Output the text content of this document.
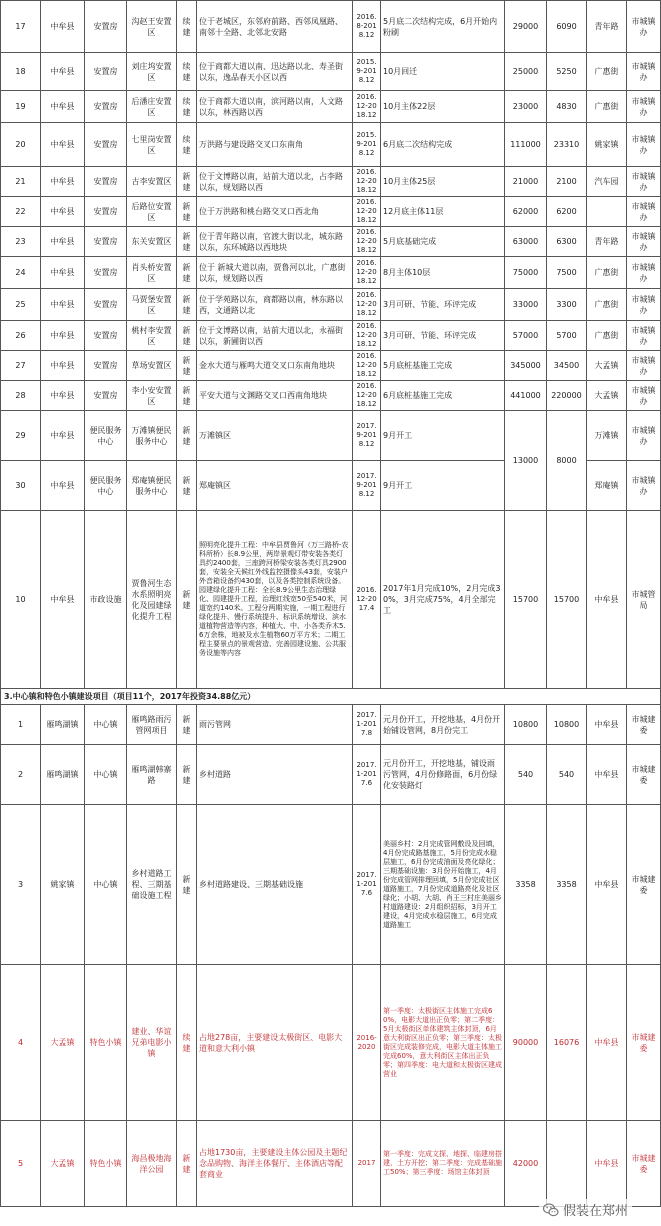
17	中牟县	安置房	沟赵王安置区	续建	位于老城区，东邻府前路、西邻凤凰路、南邻十全路、北邻北安路	2016.8-2018.12	5月底二次结构完成，6月开始内粉刷	29000	6090	青年路	市城镇办
18	中牟县	安置房	刘庄坞安置区	续建	位于商都大道以南、迅达路以北、寿圣街以东，逸品春天小区以西	2015.9-2018.12	10月回迁	25000	5250	广惠街	市城镇办
19	中牟县	安置房	后潘庄安置区	续建	位于商都大道以南，滨河路以南，人文路以东，林西路以西	2016.12-2018.12	10月主体22层	23000	4830	广惠街	市城镇办
20	中牟县	安置房	七里岗安置区	续建	万洪路与建设路交叉口东南角	2015.9-2018.12	6月底二次结构完成	111000	23310	姚家镇	市城镇办
21	中牟县	安置房	古李安置区	新建	位于文博路以南，站前大道以北，占李路以东，规划路以西	2016.12-2018.12	10月主体25层	21000	2100	汽车园	市城镇办
22	中牟县	安置房	后路位安置区	新建	位于万洪路和桃台路交叉口西北角	2016.12-2018.12	12月底主体11层	62000	6200		市城镇办
23	中牟县	安置房	东关安置区	新建	位于青年路以南，官渡大街以北，城东路以东，东环城路以西地块	2016.12-2018.12	5月底基础完成	63000	6300	青年路	市城镇办
24	中牟县	安置房	肖头桥安置区	新建	位于 新城大道以南，贾鲁河以北，广惠街以东，规划路以西	2016.12-2018.12	8月主体10层	75000	7500	广惠街	市城镇办
25	中牟县	安置房	马贾堡安置区	新建	位于学苑路以东，商都路以南，林东路以西，文通路以北	2016.12-2018.12	3月可研、节能、环评完成	33000	3300	广惠街	市城镇办
26	中牟县	安置房	桃村李安置区	新建	位于文博路以南，站前大道以北，永福街以东，新圃街以西	2016.12-2018.12	3月可研、节能、环评完成	57000	5700	广惠街	市城镇办
27	中牟县	安置房	草场安置区	新建	金水大道与雁鸣大道交叉口东南角地块	2016.12-2018.12	5月底桩基施工完成	345000	34500	大孟镇	市城镇办
28	中牟县	安置房	李小安安置区	新建	平安大道与文渊路交叉口西南角地块	2016.12-2018.12	6月底桩基施工完成	441000	220000	大孟镇	市城镇办
29	中牟县	便民服务中心	万滩镇便民服务中心	新建	万滩镇区	2017.9-2018.12	9月开工	13000	8000	万滩镇	市城镇办
30	中牟县	便民服务中心	郑庵镇便民服务中心	新建	郑庵镇区	2017.9-2018.12	9月开工			郑庵镇	市城镇办
10	中牟县	市政设施	贾鲁河生态水系照明亮化及园建绿化提升工程	新建	照明亮化提升工程：中牟县贾鲁河（万三路桥-农科所桥）长8.9公里，两岸景观灯带安装各类灯具约2400套，三座跨河桥梁安装各类灯具2900套，安装全天候红外线监控摄像头43套，安装户外音箱设备约430套，以及各类控制系统设备。园建绿化提升工程：全长8.9公里生态治理绿化、园建提升工程，治理红线宽50至540米，河道宽约140米。工程分两期实施，一期工程进行绿化提升、慢行系统提升、标识系统增设、滨水道植物营造等内容，种植大、中、小各类乔木5.6万余株，地被及水生植物60万平方米；二期工程主要景点的景观营造、完善园建设施、公共服务设施等内容	2016.12-2017.4	2017年1月完成10%，2月完成30%，3月完成75%，4月全部完工	15700	15700	中牟县	市城管局
3.中心镇和特色小镇建设项目（项目11个，2017年投资34.88亿元）											
1	雁鸣湖镇	中心镇	雁鸣路雨污管网项目	新建	雨污管网	2017.1-2017.8	元月份开工，开挖地基，4月份开始铺设管网，8月份完工	10800	10800	中牟县	市城建委
2	雁鸣湖镇	中心镇	雁鸣湖韩寨路	新建	乡村道路	2017.1-2017.6	元月份开工，开挖地基，铺设雨污管网，4月份修路面，6月份绿化安装路灯	540	540	中牟县	市城建委
3	姚家镇	中心镇	乡村道路工程、三期基础设施工程	新建	乡村道路建设、三期基础设施	2017.1-2017.6	美丽乡村：2月完成管网敷设及回填，4月份完成路基施工，5月份完成水稳层施工，6月份完成油面及亮化绿化；三期基础设施：3月份开始施工，4月份完成管网排理回填，5月份完成社区道路施工，7月份完成道路亮化及社区绿化；小胡、大胡、肖王三村庄美丽乡村道路建设：2月组织招标，3月开工建设，4月完成水稳层施工，6月完成道路施工	3358	3358	中牟县	市城建委
4	大孟镇	特色小镇	建业、华谊兄弟电影小镇	续建	占地278亩，主要建设太极街区、电影大道和意大利小镇	2016-2020	第一季度：太极街区主体施工完成60%，电影大道出正负零；第二季度：5月太极街区单体建筑主体封顶，6月意大利街区出正负零；第三季度：太极街区完成装修完成，电影大道主体施工完成60%，意大利街区主体出正负零；第四季度：电大道和太极街区建成营业	90000	16076	中牟县	市城建委
5	大孟镇	特色小镇	海昌极地海洋公园	新建	占地1730亩，主要建设主体公园及主题纪念品购物、海洋主体餐厅、主体酒店等配套商业	2017	第一季度：完成文探、地探、临建房搭建，土方开挖；第二季度：完成基础施工50%；第三季度：场馆主体封顶	42000		中牟县	市城建委
假装在郑州
